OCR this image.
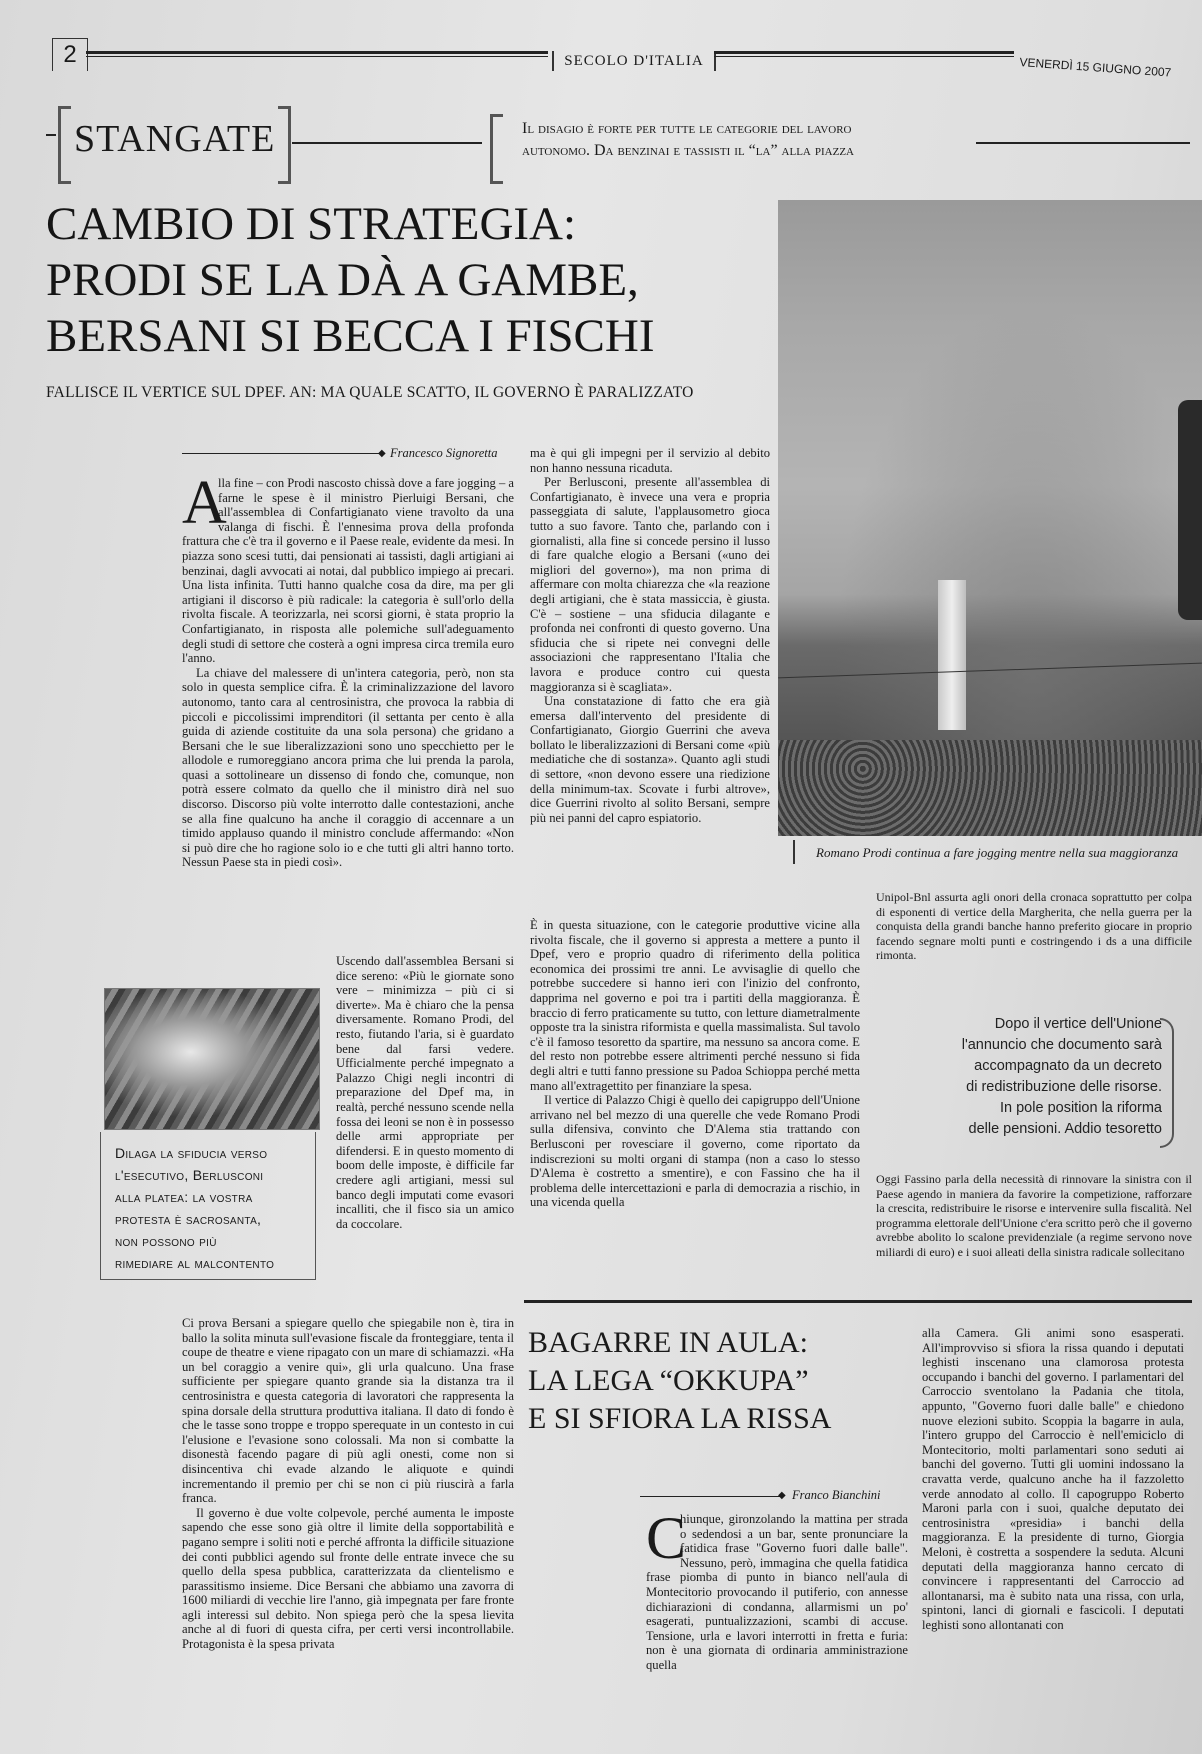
2	SECOLO D'ITALIA	VENERDÌ 15 GIUGNO 2007
STANGATE	Il disagio è forte per tutte le categorie del lavoro
autonomo. Da benzinai e tassisti il “la” alla piazza
CAMBIO DI STRATEGIA:
PRODI SE LA DÀ A GAMBE,
BERSANI SI BECCA I FISCHI
FALLISCE IL VERTICE SUL DPEF. AN: MA QUALE SCATTO, IL GOVERNO È PARALIZZATO
Romano Prodi continua a fare jogging mentre nella sua maggioranza
◆ Francesco Signoretta
A

lla fine – con Prodi nascosto chissà dove a fare jogging – a farne le spese è il ministro Pierluigi Bersani, che all'assemblea di Confartigianato viene travolto da una valanga di fischi. È l'ennesima prova della profonda frattura che c'è tra il governo e il Paese reale, evidente da mesi. In piazza sono scesi tutti, dai pensionati ai tassisti, dagli artigiani ai benzinai, dagli avvocati ai notai, dal pubblico impiego ai precari. Una lista infinita. Tutti hanno qualche cosa da dire, ma per gli artigiani il discorso è più radicale: la categoria è sull'orlo della rivolta fiscale. A teorizzarla, nei scorsi giorni, è stata proprio la Confartigianato, in risposta alle polemiche sull'adeguamento degli studi di settore che costerà a ogni impresa circa tremila euro l'anno.

La chiave del malessere di un'intera categoria, però, non sta solo in questa semplice cifra. È la criminalizzazione del lavoro autonomo, tanto cara al centrosinistra, che provoca la rabbia di piccoli e piccolissimi imprenditori (il settanta per cento è alla guida di aziende costituite da una sola persona) che gridano a Bersani che le sue liberalizzazioni sono uno specchietto per le allodole e rumoreggiano ancora prima che lui prenda la parola, quasi a sottolineare un dissenso di fondo che, comunque, non potrà essere colmato da quello che il ministro dirà nel suo discorso. Discorso più volte interrotto dalle contestazioni, anche se alla fine qualcuno ha anche il coraggio di accennare a un timido applauso quando il ministro conclude affermando: «Non si può dire che ho ragione solo io e che tutti gli altri hanno torto. Nessun Paese sta in piedi così».

Uscendo dall'assemblea Bersani si dice sereno: «Più le giornate sono vere – minimizza – più ci si diverte». Ma è chiaro che la pensa diversamente. Romano Prodi, del resto, fiutando l'aria, si è guardato bene dal farsi vedere. Ufficialmente perché impegnato a Palazzo Chigi negli incontri di preparazione del Dpef ma, in realtà, perché nessuno scende nella fossa dei leoni se non è in possesso delle armi appropriate per difendersi. E in questo momento di boom delle imposte, è difficile far credere agli artigiani, messi sul banco degli imputati come evasori incalliti, che il fisco sia un amico da coccolare.

Ci prova Bersani a spiegare quello che spiegabile non è, tira in ballo la solita minuta sull'evasione fiscale da fronteggiare, tenta il coupe de theatre e viene ripagato con un mare di schiamazzi. «Ha un bel coraggio a venire qui», gli urla qualcuno. Una frase sufficiente per spiegare quanto grande sia la distanza tra il centrosinistra e questa categoria di lavoratori che rappresenta la spina dorsale della struttura produttiva italiana. Il dato di fondo è che le tasse sono troppe e troppo sperequate in un contesto in cui l'elusione e l'evasione sono colossali. Ma non si combatte la disonestà facendo pagare di più agli onesti, come non si disincentiva chi evade alzando le aliquote e quindi incrementando il premio per chi se non ci più riuscirà a farla franca.

Il governo è due volte colpevole, perché aumenta le imposte sapendo che esse sono già oltre il limite della sopportabilità e pagano sempre i soliti noti e perché affronta la difficile situazione dei conti pubblici agendo sul fronte delle entrate invece che su quello della spesa pubblica, caratterizzata da clientelismo e parassitismo insieme. Dice Bersani che abbiamo una zavorra di 1600 miliardi di vecchie lire l'anno, già impegnata per fare fronte agli interessi sul debito. Non spiega però che la spesa lievita anche al di fuori di questa cifra, per certi versi incontrollabile. Protagonista è la spesa privata

Dilaga la sfiducia verso
l'esecutivo, Berlusconi
alla platea: la vostra
protesta è sacrosanta,
non possono più
rimediare al malcontento

ma è qui gli impegni per il servizio al debito non hanno nessuna ricaduta.

Per Berlusconi, presente all'assemblea di Confartigianato, è invece una vera e propria passeggiata di salute, l'applausometro gioca tutto a suo favore. Tanto che, parlando con i giornalisti, alla fine si concede persino il lusso di fare qualche elogio a Bersani («uno dei migliori del governo»), ma non prima di affermare con molta chiarezza che «la reazione degli artigiani, che è stata massiccia, è giusta. C'è – sostiene – una sfiducia dilagante e profonda nei confronti di questo governo. Una sfiducia che si ripete nei convegni delle associazioni che rappresentano l'Italia che lavora e produce contro cui questa maggioranza si è scagliata».

Una constatazione di fatto che era già emersa dall'intervento del presidente di Confartigianato, Giorgio Guerrini che aveva bollato le liberalizzazioni di Bersani come «più mediatiche che di sostanza». Quanto agli studi di settore, «non devono essere una riedizione della minimum-tax. Scovate i furbi altrove», dice Guerrini rivolto al solito Bersani, sempre più nei panni del capro espiatorio.

È in questa situazione, con le categorie produttive vicine alla rivolta fiscale, che il governo si appresta a mettere a punto il Dpef, vero e proprio quadro di riferimento della politica economica dei prossimi tre anni. Le avvisaglie di quello che potrebbe succedere si hanno ieri con l'inizio del confronto, dapprima nel governo e poi tra i partiti della maggioranza. È braccio di ferro praticamente su tutto, con letture diametralmente opposte tra la sinistra riformista e quella massimalista. Sul tavolo c'è il famoso tesoretto da spartire, ma nessuno sa ancora come. E del resto non potrebbe essere altrimenti perché nessuno si fida degli altri e tutti fanno pressione su Padoa Schioppa perché metta mano all'extragettito per finanziare la spesa.

Il vertice di Palazzo Chigi è quello dei capigruppo dell'Unione arrivano nel bel mezzo di una querelle che vede Romano Prodi sulla difensiva, convinto che D'Alema stia trattando con Berlusconi per rovesciare il governo, come riportato da indiscrezioni su molti organi di stampa (non a caso lo stesso D'Alema è costretto a smentire), e con Fassino che ha il problema delle intercettazioni e parla di democrazia a rischio, in una vicenda quella

Unipol-Bnl assurta agli onori della cronaca soprattutto per colpa di esponenti di vertice della Margherita, che nella guerra per la conquista della grandi banche hanno preferito giocare in proprio facendo segnare molti punti e costringendo i ds a una difficile rimonta.

Dopo il vertice dell'Unione
l'annuncio che documento sarà
accompagnato da un decreto
di redistribuzione delle risorse.
In pole position la riforma
delle pensioni. Addio tesoretto

Oggi Fassino parla della necessità di rinnovare la sinistra con il Paese agendo in maniera da favorire la competizione, rafforzare la crescita, redistribuire le risorse e intervenire sulla fiscalità. Nel programma elettorale dell'Unione c'era scritto però che il governo avrebbe abolito lo scalone previdenziale (a regime servono nove miliardi di euro) e i suoi alleati della sinistra radicale sollecitano

BAGARRE IN AULA:
LA LEGA “OKKUPA”
E SI SFIORA LA RISSA
◆ Franco Bianchini
C

hiunque, gironzolando la mattina per strada o sedendosi a un bar, sente pronunciare la fatidica frase "Governo fuori dalle balle". Nessuno, però, immagina che quella fatidica frase piomba di punto in bianco nell'aula di Montecitorio provocando il putiferio, con annesse dichiarazioni di condanna, allarmismi un po' esagerati, puntualizzazioni, scambi di accuse. Tensione, urla e lavori interrotti in fretta e furia: non è una giornata di ordinaria amministrazione quella

alla Camera. Gli animi sono esasperati. All'improvviso si sfiora la rissa quando i deputati leghisti inscenano una clamorosa protesta occupando i banchi del governo. I parlamentari del Carroccio sventolano la Padania che titola, appunto, "Governo fuori dalle balle" e chiedono nuove elezioni subito. Scoppia la bagarre in aula, l'intero gruppo del Carroccio è nell'emiciclo di Montecitorio, molti parlamentari sono seduti ai banchi del governo. Tutti gli uomini indossano la cravatta verde, qualcuno anche ha il fazzoletto verde annodato al collo. Il capogruppo Roberto Maroni parla con i suoi, qualche deputato dei centrosinistra «presidia» i banchi della maggioranza. E la presidente di turno, Giorgia Meloni, è costretta a sospendere la seduta. Alcuni deputati della maggioranza hanno cercato di convincere i rappresentanti del Carroccio ad allontanarsi, ma è subito nata una rissa, con urla, spintoni, lanci di giornali e fascicoli. I deputati leghisti sono allontanati con
